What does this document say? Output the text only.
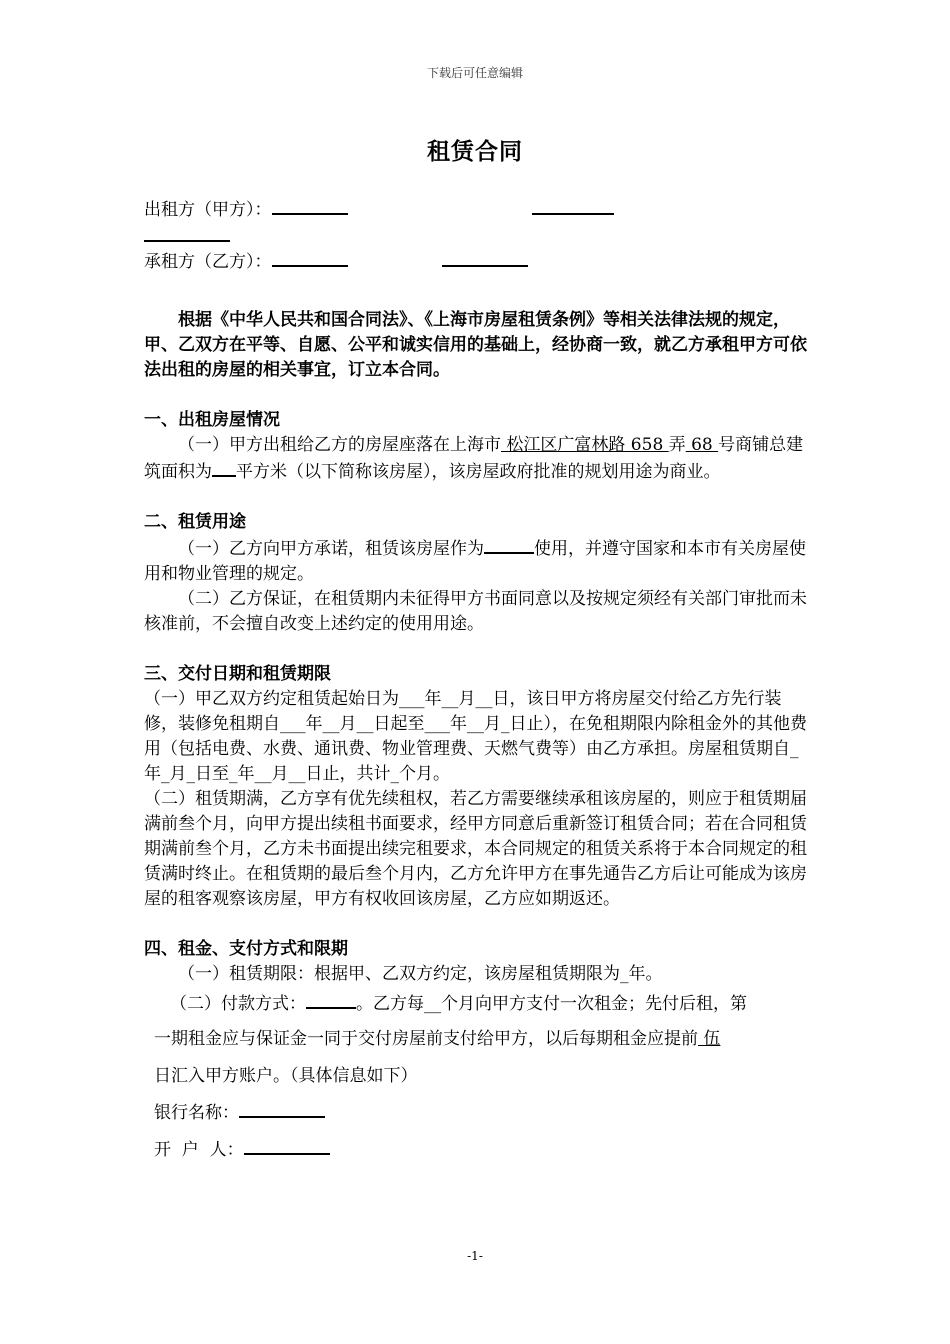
下载后可任意编辑
租赁合同
出租方（甲方）：
承租方（乙方）：

根据《中华人民共和国合同法》、《上海市房屋租赁条例》等相关法律法规的规定，甲、乙双方在平等、自愿、公平和诚实信用的基础上，经协商一致，就乙方承租甲方可依法出租的房屋的相关事宜，订立本合同。

一、出租房屋情况

（一）甲方出租给乙方的房屋座落在上海市 松江区广富林路 658 弄 68 号商铺总建筑面积为 平方米（以下简称该房屋），该房屋政府批准的规划用途为商业。

二、租赁用途

（一）乙方向甲方承诺，租赁该房屋作为	使用，并遵守国家和本市有关房屋使用和物业管理的规定。

（二）乙方保证，在租赁期内未征得甲方书面同意以及按规定须经有关部门审批而未核准前，不会擅自改变上述约定的使用用途。

三、交付日期和租赁期限

（一）甲乙双方约定租赁起始日为___年__月__日，该日甲方将房屋交付给乙方先行装修，装修免租期自___年__月__日起至___年__月_日止），在免租期限内除租金外的其他费用（包括电费、水费、通讯费、物业管理费、天燃气费等）由乙方承担。房屋租赁期自_年_月_日至_年__月__日止，共计_个月。

（二）租赁期满，乙方享有优先续租权，若乙方需要继续承租该房屋的，则应于租赁期届满前叁个月，向甲方提出续租书面要求，经甲方同意后重新签订租赁合同；若在合同租赁期满前叁个月，乙方未书面提出续完租要求，本合同规定的租赁关系将于本合同规定的租赁满时终止。在租赁期的最后叁个月内，乙方允许甲方在事先通告乙方后让可能成为该房屋的租客观察该房屋，甲方有权收回该房屋，乙方应如期返还。

四、租金、支付方式和限期

（一）租赁期限：根据甲、乙双方约定，该房屋租赁期限为_年。

（二）付款方式：	。乙方每__个月向甲方支付一次租金；先付后租，第

一期租金应与保证金一同于交付房屋前支付给甲方，以后每期租金应提前 伍

日汇入甲方账户。（具体信息如下）

银行名称：

开  户  人：

-1-
